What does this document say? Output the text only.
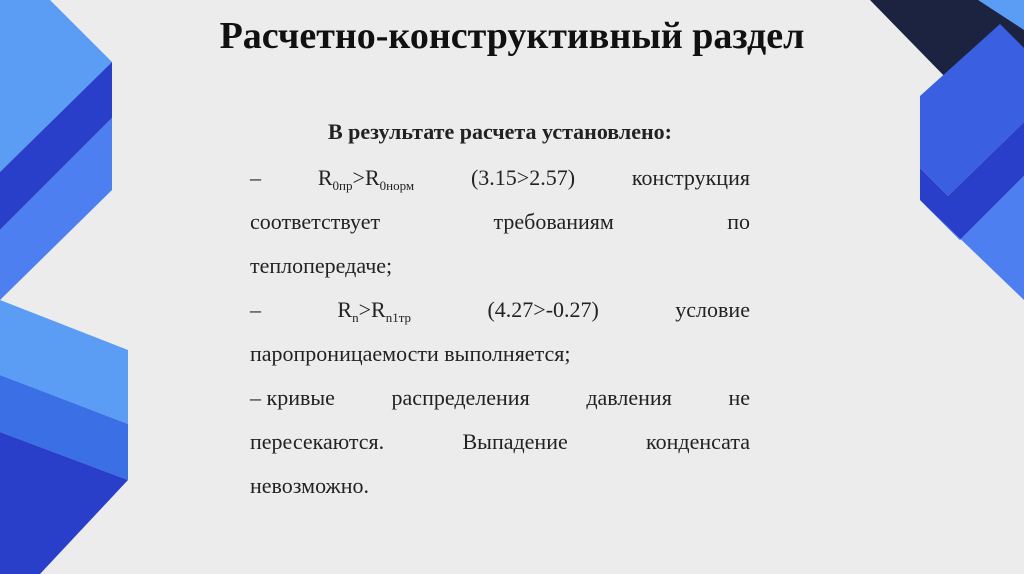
Расчетно-конструктивный раздел
В результате расчета установлено:
–	$R_{0пр}>R_{0норм}$	(3.15>2.57)	конструкция
соответствует	требованиям	по
теплопередаче;
–	$R_n>R_{n1тр}$	(4.27>-0.27)	условие
паропроницаемости выполняется;
– кривые	распределения	давления	не
пересекаются.	Выпадение	конденсата
невозможно.
